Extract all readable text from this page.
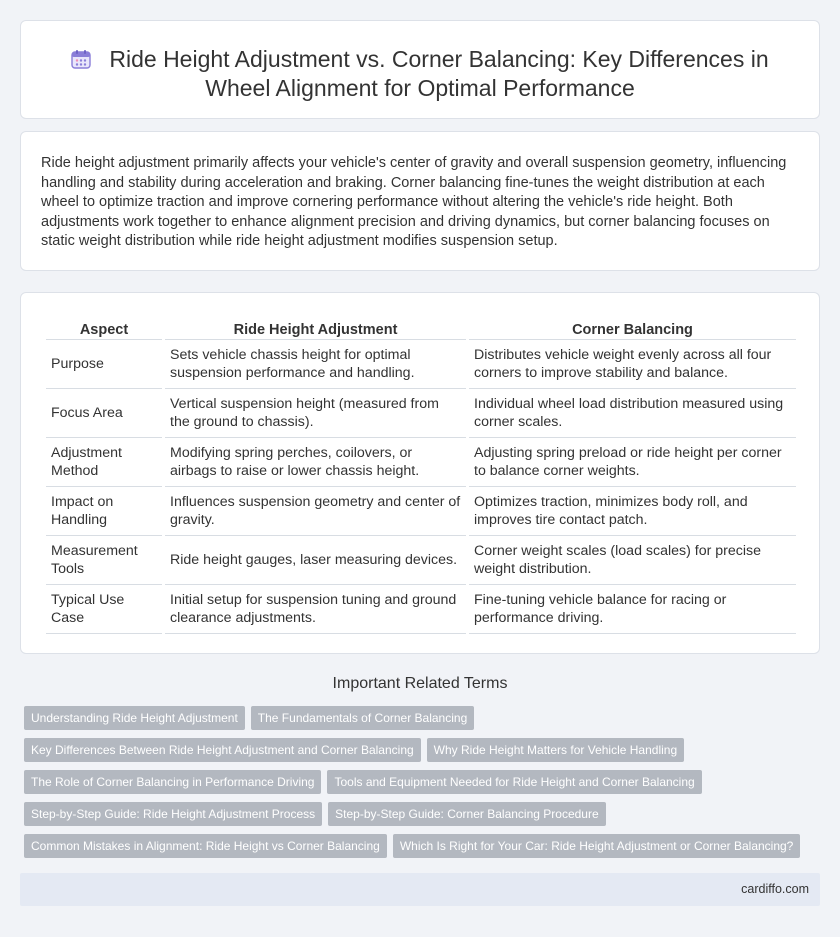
Ride Height Adjustment vs. Corner Balancing: Key Differences in Wheel Alignment for Optimal Performance

Ride height adjustment primarily affects your vehicle's center of gravity and overall suspension geometry, influencing handling and stability during acceleration and braking. Corner balancing fine-tunes the weight distribution at each wheel to optimize traction and improve cornering performance without altering the vehicle's ride height. Both adjustments work together to enhance alignment precision and driving dynamics, but corner balancing focuses on static weight distribution while ride height adjustment modifies suspension setup.

Aspect	Ride Height Adjustment	Corner Balancing
Purpose	Sets vehicle chassis height for optimal suspension performance and handling.	Distributes vehicle weight evenly across all four corners to improve stability and balance.
Focus Area	Vertical suspension height (measured from the ground to chassis).	Individual wheel load distribution measured using corner scales.
Adjustment Method	Modifying spring perches, coilovers, or airbags to raise or lower chassis height.	Adjusting spring preload or ride height per corner to balance corner weights.
Impact on Handling	Influences suspension geometry and center of gravity.	Optimizes traction, minimizes body roll, and improves tire contact patch.
Measurement Tools	Ride height gauges, laser measuring devices.	Corner weight scales (load scales) for precise weight distribution.
Typical Use Case	Initial setup for suspension tuning and ground clearance adjustments.	Fine-tuning vehicle balance for racing or performance driving.
Important Related Terms
Understanding Ride Height Adjustment The Fundamentals of Corner Balancing
Key Differences Between Ride Height Adjustment and Corner Balancing Why Ride Height Matters for Vehicle Handling
The Role of Corner Balancing in Performance Driving Tools and Equipment Needed for Ride Height and Corner Balancing
Step-by-Step Guide: Ride Height Adjustment Process Step-by-Step Guide: Corner Balancing Procedure
Common Mistakes in Alignment: Ride Height vs Corner Balancing Which Is Right for Your Car: Ride Height Adjustment or Corner Balancing?
cardiffo.com
